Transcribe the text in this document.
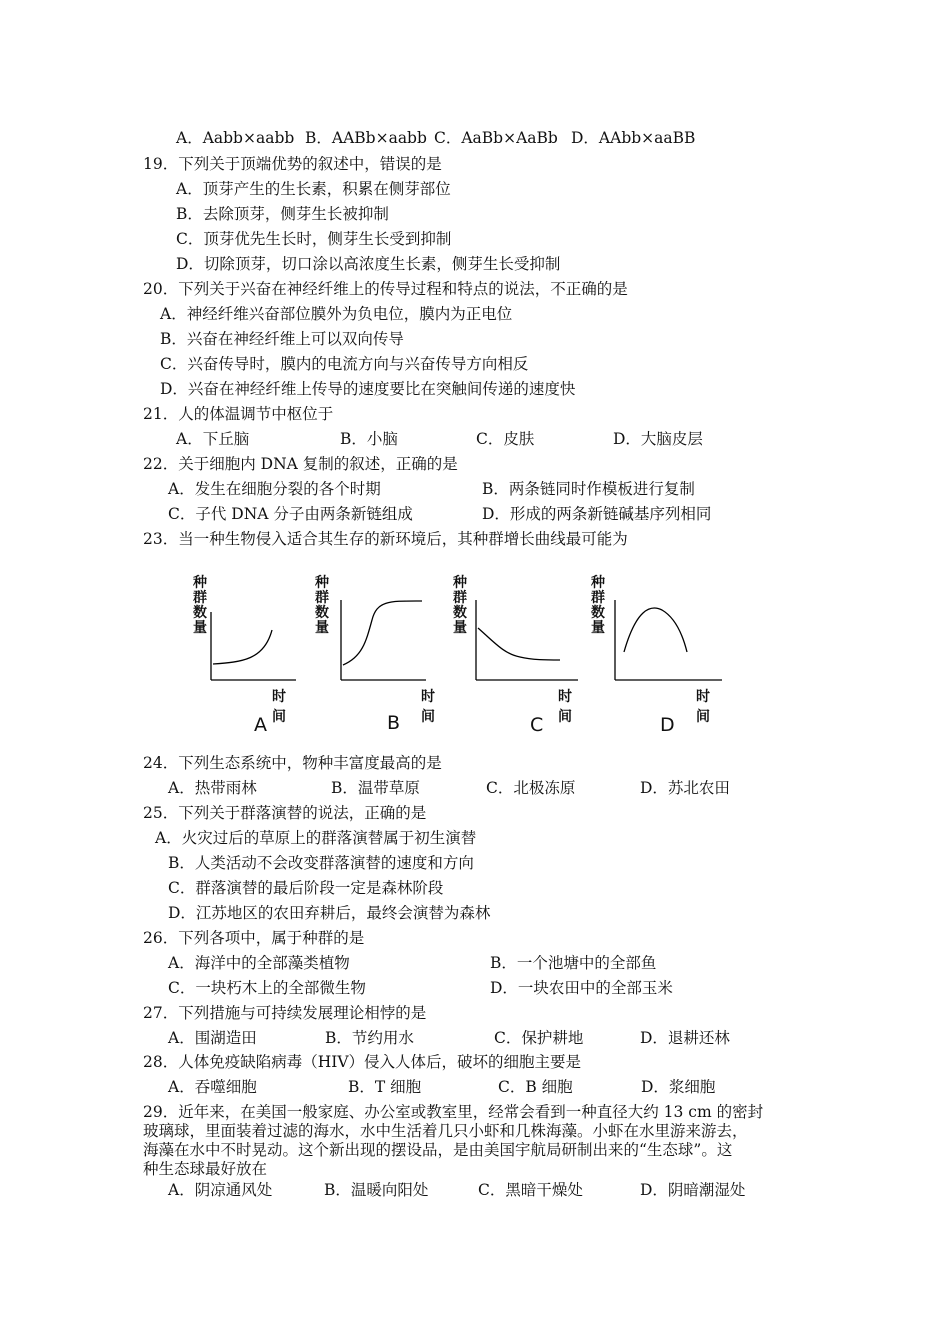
A．Aabb×aabb B．AABb×aabb C．AaBb×AaBb D．AAbb×aaBB
19．下列关于顶端优势的叙述中，错误的是
A．顶芽产生的生长素，积累在侧芽部位
B．去除顶芽，侧芽生长被抑制
C．顶芽优先生长时，侧芽生长受到抑制
D．切除顶芽，切口涂以高浓度生长素，侧芽生长受抑制
20．下列关于兴奋在神经纤维上的传导过程和特点的说法，不正确的是
A．神经纤维兴奋部位膜外为负电位，膜内为正电位
B．兴奋在神经纤维上可以双向传导
C．兴奋传导时，膜内的电流方向与兴奋传导方向相反
D．兴奋在神经纤维上传导的速度要比在突触间传递的速度快
21．人的体温调节中枢位于
A．下丘脑	B．小脑	C．皮肤	D．大脑皮层
22．关于细胞内 DNA 复制的叙述，正确的是
A．发生在细胞分裂的各个时期	B．两条链同时作模板进行复制
C．子代 DNA 分子由两条新链组成	D．形成的两条新链碱基序列相同
23．当一种生物侵入适合其生存的新环境后，其种群增长曲线最可能为
种
群
数
量
时间
A
种
群
数
量
时间
B
种
群
数
量
时间
C
种
群
数
量
时间
D
24．下列生态系统中，物种丰富度最高的是
A．热带雨林	B．温带草原	C．北极冻原	D．苏北农田
25．下列关于群落演替的说法，正确的是
A．火灾过后的草原上的群落演替属于初生演替
B．人类活动不会改变群落演替的速度和方向
C．群落演替的最后阶段一定是森林阶段
D．江苏地区的农田弃耕后，最终会演替为森林
26．下列各项中，属于种群的是
A．海洋中的全部藻类植物	B．一个池塘中的全部鱼
C．一块朽木上的全部微生物	D．一块农田中的全部玉米
27．下列措施与可持续发展理论相悖的是
A．围湖造田	B．节约用水	C．保护耕地	D．退耕还林
28．人体免疫缺陷病毒（HIV）侵入人体后，破坏的细胞主要是
A．吞噬细胞	B．T 细胞	C．B 细胞	D．浆细胞
29．近年来，在美国一般家庭、办公室或教室里，经常会看到一种直径大约 13 cm 的密封
玻璃球，里面装着过滤的海水，水中生活着几只小虾和几株海藻。小虾在水里游来游去，
海藻在水中不时晃动。这个新出现的摆设品，是由美国宇航局研制出来的“生态球”。这
种生态球最好放在
A．阴凉通风处	B．温暖向阳处	C．黑暗干燥处	D．阴暗潮湿处
